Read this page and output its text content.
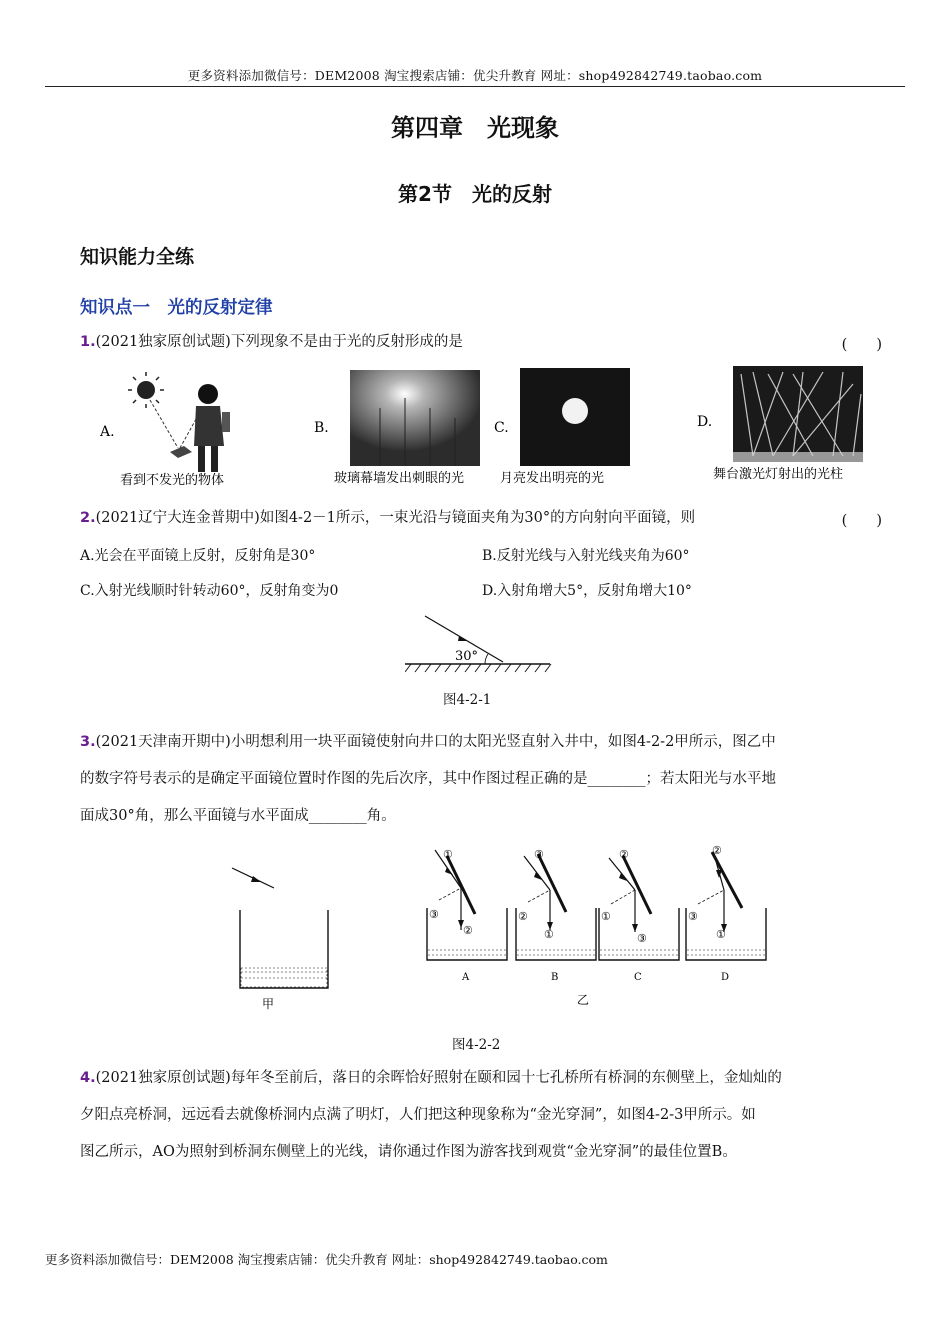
更多资料添加微信号：DEM2008 淘宝搜索店铺：优尖升教育 网址：shop492842749.taobao.com
更多资料添加微信号：DEM2008 淘宝搜索店铺：优尖升教育 网址：shop492842749.taobao.com
第四章　光现象
第2节　光的反射
知识能力全练
知识点一　光的反射定律
1.(2021独家原创试题)下列现象不是由于光的反射形成的是	(　　)
A.
看到不发光的物体
B.
玻璃幕墙发出刺眼的光
C.
月亮发出明亮的光
D.
舞台激光灯射出的光柱
2.(2021辽宁大连金普期中)如图4-2－1所示，一束光沿与镜面夹角为30°的方向射向平面镜，则	(　　)
A.光会在平面镜上反射，反射角是30°	B.反射光线与入射光线夹角为60°
C.入射光线顺时针转动60°，反射角变为0	D.入射角增大5°，反射角增大10°
30°
图4-2-1
3.(2021天津南开期中)小明想利用一块平面镜使射向井口的太阳光竖直射入井中，如图4-2-2甲所示，图乙中
的数字符号表示的是确定平面镜位置时作图的先后次序，其中作图过程正确的是________；若太阳光与水平地
面成30°角，那么平面镜与水平面成________角。
甲
①
③
②
A
③
②
①
B
②
①
③
C
②
③
①
D
乙
图4-2-2
4.(2021独家原创试题)每年冬至前后，落日的余晖恰好照射在颐和园十七孔桥所有桥洞的东侧壁上，金灿灿的
夕阳点亮桥洞，远远看去就像桥洞内点满了明灯，人们把这种现象称为“金光穿洞”，如图4-2-3甲所示。如
图乙所示，AO为照射到桥洞东侧壁上的光线，请你通过作图为游客找到观赏“金光穿洞”的最佳位置B。
